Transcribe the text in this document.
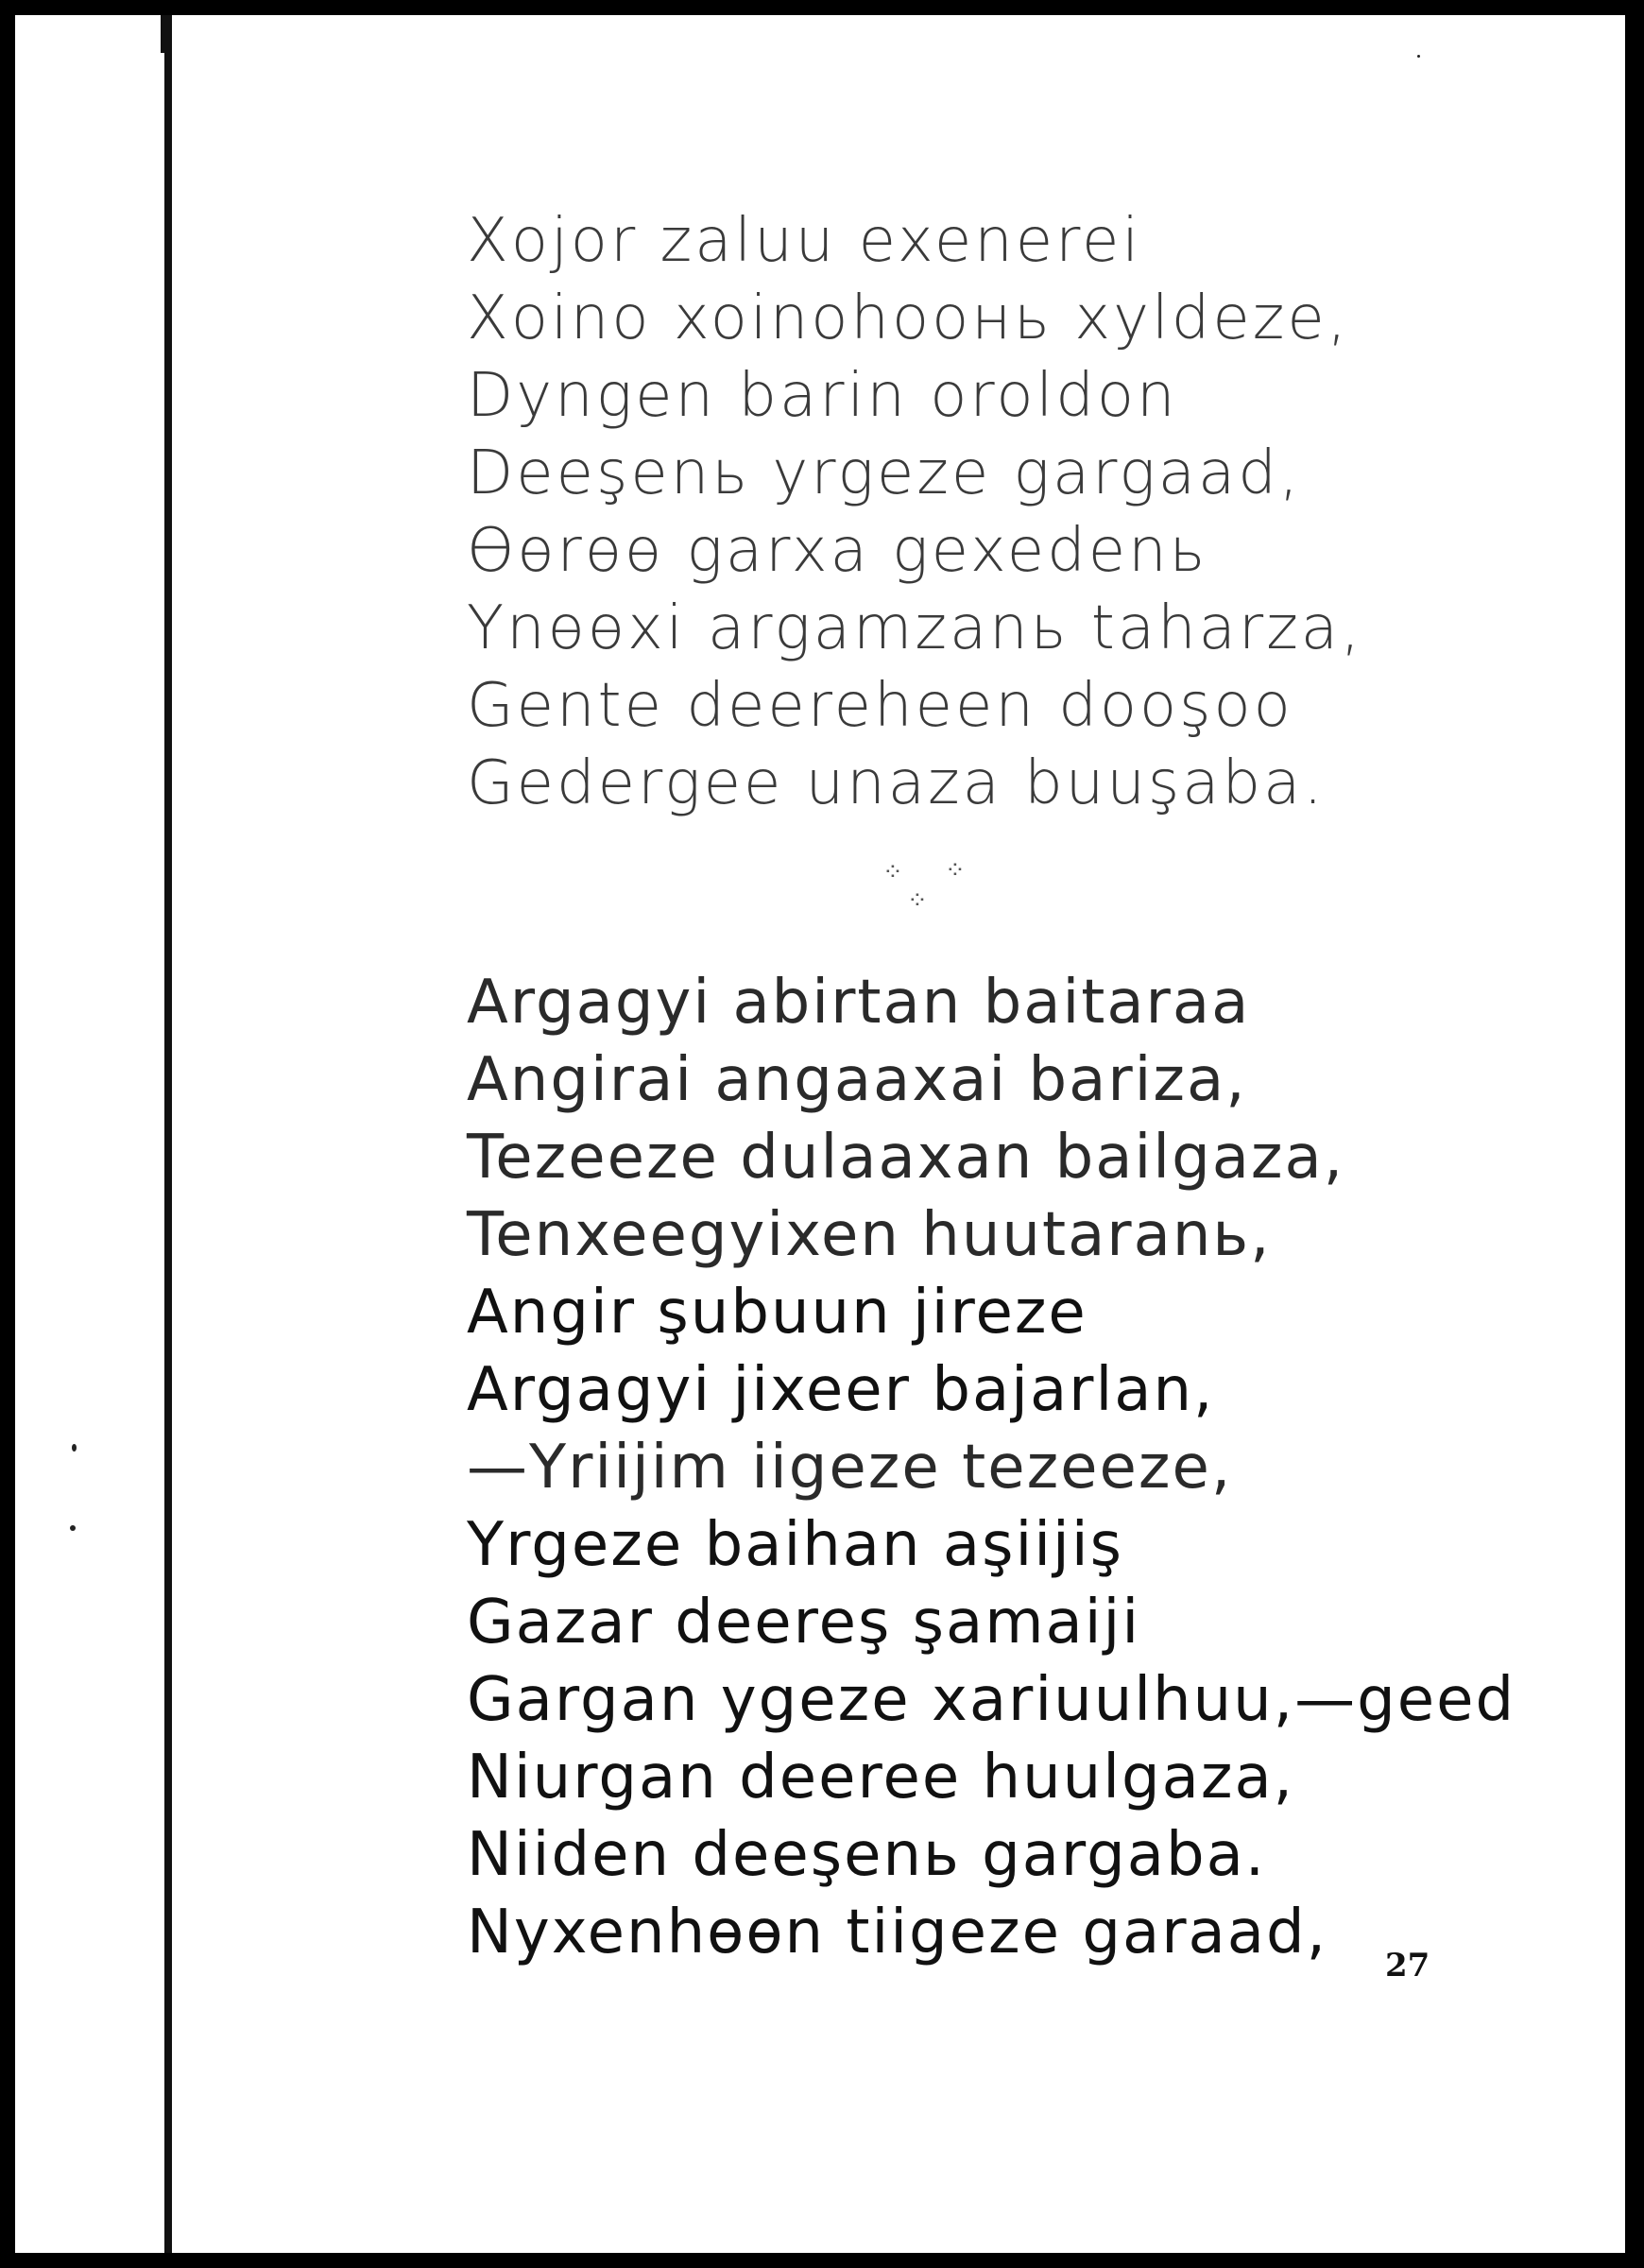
Xojor zaluu exenerei
Xoino xoinohooнь xyldeze,
Dyngen barin oroldon
Deeşenь yrgeze gargaad,
Өөrөө garxa gexedenь
Ynөөxi argamzanь taharza,
Gente deereheen dooşoo
Gedergee unaza buuşaba.
⁘ ⁘
⁘
Argagyi abirtan baitaraa
Angirai angaaxai bariza,
Tezeeze dulaaxan bailgaza,
Tenxeegyixen huutaranь,
Angir şubuun jireze
Argagyi jixeer bajarlan,
—Yriijim iigeze tezeeze,
Yrgeze baihan aşiijiş
Gazar deereş şamaiji
Gargan ygeze xariuulhuu,—geed
Niurgan deeree huulgaza,
Niiden deeşenь gargaba.
Nyxenhөөn tiigeze garaad,	27
